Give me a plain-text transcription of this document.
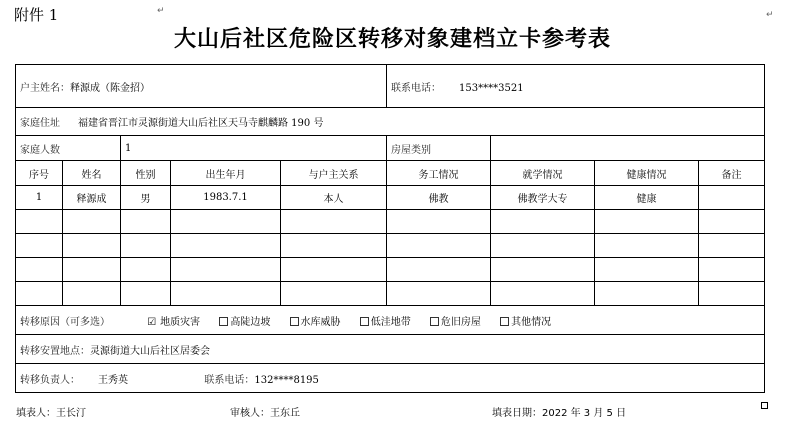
附件 1	↵	↵
大山后社区危险区转移对象建档立卡参考表
户主姓名：释源成（陈金招）					联系电话： 153****3521			
家庭住址 福建省晋江市灵源街道大山后社区天马寺麒麟路 190 号								
家庭人数		1			房屋类别			
序号	姓名	性别	出生年月	与户主关系	务工情况	就学情况	健康情况	备注
1	释源成	男	1983.7.1	本人	佛教	佛教学大专	健康	

转移原因（可多选） ☑ 地质灾害 高陡边坡 水库威胁 低洼地带 危旧房屋 其他情况								
转移安置地点：灵源街道大山后社区居委会								
转移负责人： 王秀英 联系电话：132****8195								
填表人：王长汀	审核人：王东丘	填表日期：2022 年 3 月 5 日
